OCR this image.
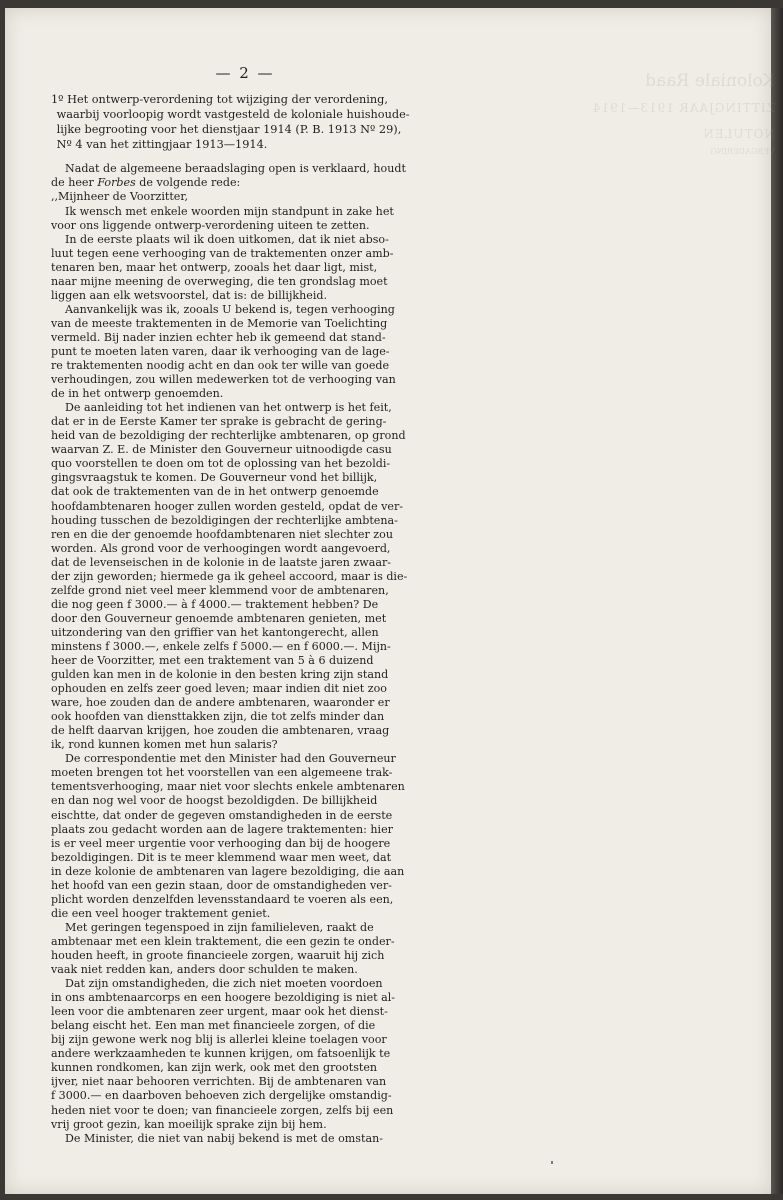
Koloniale Raad
ZITTINGJAAR 1913—1914
NOTULEN
VERGADERING
— 2 —
1º Het ontwerp-verordening tot wijziging der verordening,
waarbij voorloopig wordt vastgesteld de koloniale huishoude-
lijke begrooting voor het dienstjaar 1914 (P. B. 1913 Nº 29),
Nº 4 van het zittingjaar 1913—1914.
Nadat de algemeene beraadslaging open is verklaard, houdt
de heer Forbes de volgende rede:
,,Mijnheer de Voorzitter,
Ik wensch met enkele woorden mijn standpunt in zake het
voor ons liggende ontwerp-verordening uiteen te zetten.
In de eerste plaats wil ik doen uitkomen, dat ik niet abso-
luut tegen eene verhooging van de traktementen onzer amb-
tenaren ben, maar het ontwerp, zooals het daar ligt, mist,
naar mijne meening de overweging, die ten grondslag moet
liggen aan elk wetsvoorstel, dat is: de billijkheid.
Aanvankelijk was ik, zooals U bekend is, tegen verhooging
van de meeste traktementen in de Memorie van Toelichting
vermeld. Bij nader inzien echter heb ik gemeend dat stand-
punt te moeten laten varen, daar ik verhooging van de lage-
re traktementen noodig acht en dan ook ter wille van goede
verhoudingen, zou willen medewerken tot de verhooging van
de in het ontwerp genoemden.
De aanleiding tot het indienen van het ontwerp is het feit,
dat er in de Eerste Kamer ter sprake is gebracht de gering-
heid van de bezoldiging der rechterlijke ambtenaren, op grond
waarvan Z. E. de Minister den Gouverneur uitnoodigde casu
quo voorstellen te doen om tot de oplossing van het bezoldi-
gingsvraagstuk te komen. De Gouverneur vond het billijk,
dat ook de traktementen van de in het ontwerp genoemde
hoofdambtenaren hooger zullen worden gesteld, opdat de ver-
houding tusschen de bezoldigingen der rechterlijke ambtena-
ren en die der genoemde hoofdambtenaren niet slechter zou
worden. Als grond voor de verhoogingen wordt aangevoerd,
dat de levenseischen in de kolonie in de laatste jaren zwaar-
der zijn geworden; hiermede ga ik geheel accoord, maar is die-
zelfde grond niet veel meer klemmend voor de ambtenaren,
die nog geen f 3000.— à f 4000.— traktement hebben? De
door den Gouverneur genoemde ambtenaren genieten, met
uitzondering van den griffier van het kantongerecht, allen
minstens f 3000.—, enkele zelfs f 5000.— en f 6000.—. Mijn-
heer de Voorzitter, met een traktement van 5 à 6 duizend
gulden kan men in de kolonie in den besten kring zijn stand
ophouden en zelfs zeer goed leven; maar indien dit niet zoo
ware, hoe zouden dan de andere ambtenaren, waaronder er
ook hoofden van diensttakken zijn, die tot zelfs minder dan
de helft daarvan krijgen, hoe zouden die ambtenaren, vraag
ik, rond kunnen komen met hun salaris?
De correspondentie met den Minister had den Gouverneur
moeten brengen tot het voorstellen van een algemeene trak-
tementsverhooging, maar niet voor slechts enkele ambtenaren
en dan nog wel voor de hoogst bezoldigden. De billijkheid
eischtte, dat onder de gegeven omstandigheden in de eerste
plaats zou gedacht worden aan de lagere traktementen: hier
is er veel meer urgentie voor verhooging dan bij de hoogere
bezoldigingen. Dit is te meer klemmend waar men weet, dat
in deze kolonie de ambtenaren van lagere bezoldiging, die aan
het hoofd van een gezin staan, door de omstandigheden ver-
plicht worden denzelfden levensstandaard te voeren als een,
die een veel hooger traktement geniet.
Met geringen tegenspoed in zijn familieleven, raakt de
ambtenaar met een klein traktement, die een gezin te onder-
houden heeft, in groote financieele zorgen, waaruit hij zich
vaak niet redden kan, anders door schulden te maken.
Dat zijn omstandigheden, die zich niet moeten voordoen
in ons ambtenaarcorps en een hoogere bezoldiging is niet al-
leen voor die ambtenaren zeer urgent, maar ook het dienst-
belang eischt het. Een man met financieele zorgen, of die
bij zijn gewone werk nog blij is allerlei kleine toelagen voor
andere werkzaamheden te kunnen krijgen, om fatsoenlijk te
kunnen rondkomen, kan zijn werk, ook met den grootsten
ijver, niet naar behooren verrichten. Bij de ambtenaren van
f 3000.— en daarboven behoeven zich dergelijke omstandig-
heden niet voor te doen; van financieele zorgen, zelfs bij een
vrij groot gezin, kan moeilijk sprake zijn bij hem.
De Minister, die niet van nabij bekend is met de omstan-
